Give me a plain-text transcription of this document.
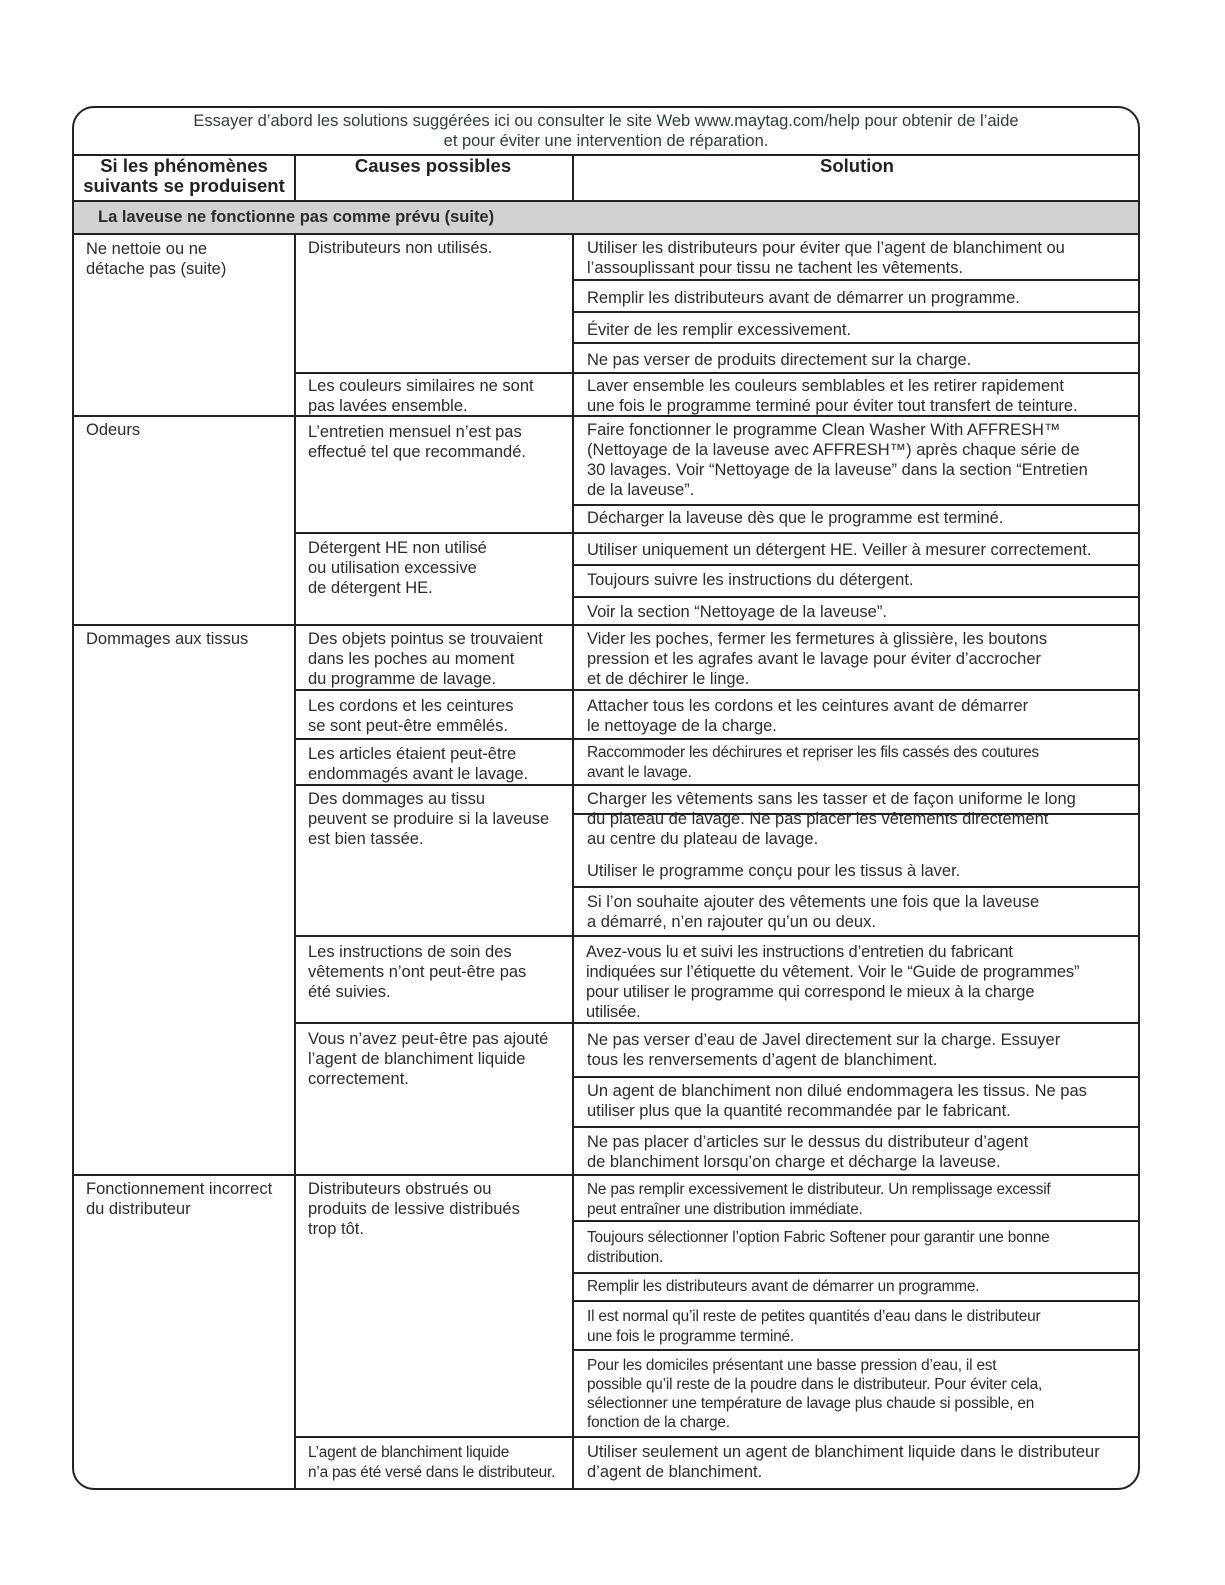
Essayer d’abord les solutions suggérées ici ou consulter le site Web www.maytag.com/help pour obtenir de l’aide
et pour éviter une intervention de réparation.
La laveuse ne fonctionne pas comme prévu (suite)
Si les phénomènes
suivants se produisent
Causes possibles	Solution
Ne nettoie ou ne
détache pas (suite)
Odeurs
Dommages aux tissus
Fonctionnement incorrect
du distributeur
Distributeurs non utilisés.
Les couleurs similaires ne sont
pas lavées ensemble.
L’entretien mensuel n’est pas
effectué tel que recommandé.
Détergent HE non utilisé
ou utilisation excessive
de détergent HE.
Des objets pointus se trouvaient
dans les poches au moment
du programme de lavage.
Les cordons et les ceintures
se sont peut-être emmêlés.
Les articles étaient peut-être
endommagés avant le lavage.
Des dommages au tissu
peuvent se produire si la laveuse
est bien tassée.
Les instructions de soin des
vêtements n’ont peut-être pas
été suivies.
Vous n’avez peut-être pas ajouté
l’agent de blanchiment liquide
correctement.
Distributeurs obstrués ou
produits de lessive distribués
trop tôt.
L’agent de blanchiment liquide
n’a pas été versé dans le distributeur.
Utiliser les distributeurs pour éviter que l’agent de blanchiment ou
l’assouplissant pour tissu ne tachent les vêtements.
Remplir les distributeurs avant de démarrer un programme.
Éviter de les remplir excessivement.
Ne pas verser de produits directement sur la charge.
Laver ensemble les couleurs semblables et les retirer rapidement
une fois le programme terminé pour éviter tout transfert de teinture.
Faire fonctionner le programme Clean Washer With AFFRESH™
(Nettoyage de la laveuse avec AFFRESH™) après chaque série de
30 lavages. Voir “Nettoyage de la laveuse” dans la section “Entretien
de la laveuse”.
Décharger la laveuse dès que le programme est terminé.
Utiliser uniquement un détergent HE. Veiller à mesurer correctement.
Toujours suivre les instructions du détergent.
Voir la section “Nettoyage de la laveuse”.
Vider les poches, fermer les fermetures à glissière, les boutons
pression et les agrafes avant le lavage pour éviter d’accrocher
et de déchirer le linge.
Attacher tous les cordons et les ceintures avant de démarrer
le nettoyage de la charge.
Raccommoder les déchirures et repriser les fils cassés des coutures
avant le lavage.
Charger les vêtements sans les tasser et de façon uniforme le long
du plateau de lavage. Ne pas placer les vêtements directement
au centre du plateau de lavage.
Utiliser le programme conçu pour les tissus à laver.
Si l’on souhaite ajouter des vêtements une fois que la laveuse
a démarré, n’en rajouter qu’un ou deux.
Avez-vous lu et suivi les instructions d’entretien du fabricant
indiquées sur l’étiquette du vêtement. Voir le “Guide de programmes”
pour utiliser le programme qui correspond le mieux à la charge
utilisée.
Ne pas verser d’eau de Javel directement sur la charge. Essuyer
tous les renversements d’agent de blanchiment.
Un agent de blanchiment non dilué endommagera les tissus. Ne pas
utiliser plus que la quantité recommandée par le fabricant.
Ne pas placer d’articles sur le dessus du distributeur d’agent
de blanchiment lorsqu’on charge et décharge la laveuse.
Ne pas remplir excessivement le distributeur. Un remplissage excessif
peut entraîner une distribution immédiate.
Toujours sélectionner l’option Fabric Softener pour garantir une bonne
distribution.
Remplir les distributeurs avant de démarrer un programme.
Il est normal qu’il reste de petites quantités d’eau dans le distributeur
une fois le programme terminé.
Pour les domiciles présentant une basse pression d’eau, il est
possible qu’il reste de la poudre dans le distributeur. Pour éviter cela,
sélectionner une température de lavage plus chaude si possible, en
fonction de la charge.
Utiliser seulement un agent de blanchiment liquide dans le distributeur
d’agent de blanchiment.
